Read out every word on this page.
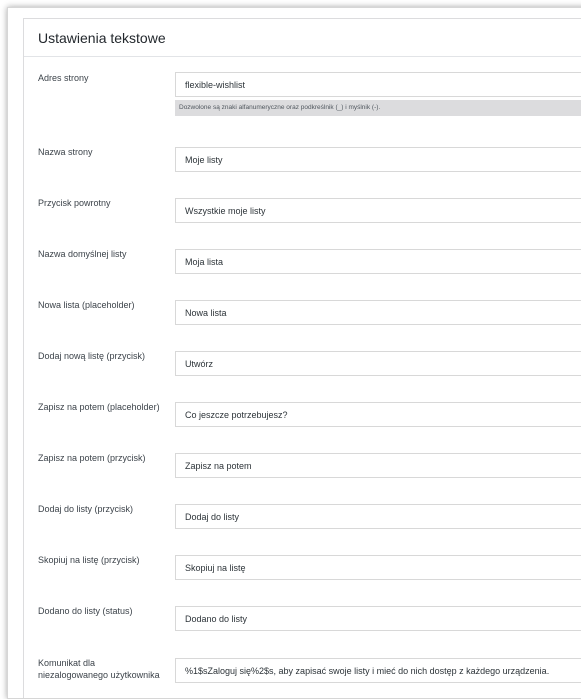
Ustawienia tekstowe
Adres strony
flexible-wishlist
Dozwolone są znaki alfanumeryczne oraz podkreślnik (_) i myślnik (-).
Nazwa strony
Moje listy
Przycisk powrotny
Wszystkie moje listy
Nazwa domyślnej listy
Moja lista
Nowa lista (placeholder)
Nowa lista
Dodaj nową listę (przycisk)
Utwórz
Zapisz na potem (placeholder)
Co jeszcze potrzebujesz?
Zapisz na potem (przycisk)
Zapisz na potem
Dodaj do listy (przycisk)
Dodaj do listy
Skopiuj na listę (przycisk)
Skopiuj na listę
Dodano do listy (status)
Dodano do listy
Komunikat dla niezalogowanego użytkownika
%1$sZaloguj się%2$s, aby zapisać swoje listy i mieć do nich dostęp z każdego urządzenia.
